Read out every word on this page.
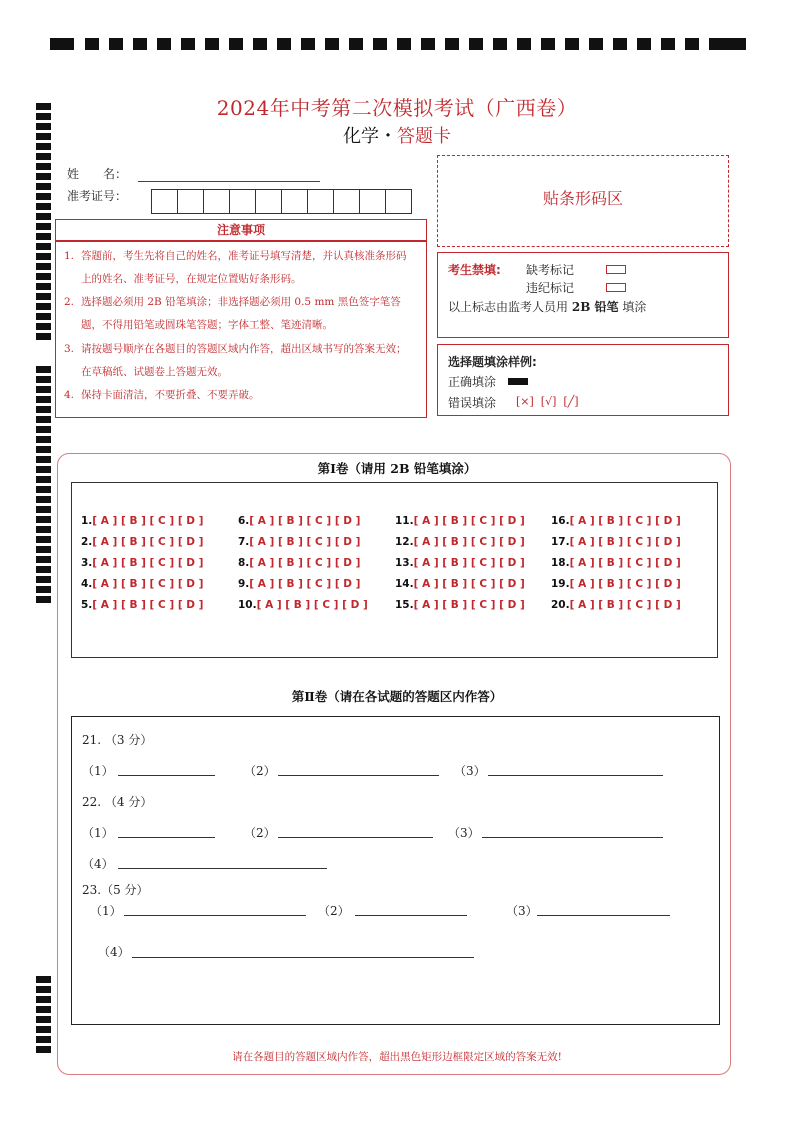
2024年中考第二次模拟考试（广西卷）
化学・答题卡
姓　　名：
准考证号：
注意事项
1. 答题前，考生先将自己的姓名，准考证号填写清楚，并认真核准条形码上的姓名、准考证号，在规定位置贴好条形码。
2. 选择题必须用 2B 铅笔填涂；非选择题必须用 0.5 mm 黑色签字笔答题，不得用铅笔或圆珠笔答题；字体工整、笔迹清晰。
3. 请按题号顺序在各题目的答题区域内作答，超出区域书写的答案无效；在草稿纸、试题卷上答题无效。
4. 保持卡面清洁，不要折叠、不要弄破。
贴条形码区
考生禁填: 缺考标记
违纪标记
以上标志由监考人员用 2B 铅笔 填涂
选择题填涂样例:
正确填涂
错误填涂 [×]  [√]  [╱]
第Ⅰ卷（请用 2B 铅笔填涂）
1.[ A ] [ B ] [ C ] [ D ]
2.[ A ] [ B ] [ C ] [ D ]
3.[ A ] [ B ] [ C ] [ D ]
4.[ A ] [ B ] [ C ] [ D ]
5.[ A ] [ B ] [ C ] [ D ]
6.[ A ] [ B ] [ C ] [ D ]
7.[ A ] [ B ] [ C ] [ D ]
8.[ A ] [ B ] [ C ] [ D ]
9.[ A ] [ B ] [ C ] [ D ]
10.[ A ] [ B ] [ C ] [ D ]
11.[ A ] [ B ] [ C ] [ D ]
12.[ A ] [ B ] [ C ] [ D ]
13.[ A ] [ B ] [ C ] [ D ]
14.[ A ] [ B ] [ C ] [ D ]
15.[ A ] [ B ] [ C ] [ D ]
16.[ A ] [ B ] [ C ] [ D ]
17.[ A ] [ B ] [ C ] [ D ]
18.[ A ] [ B ] [ C ] [ D ]
19.[ A ] [ B ] [ C ] [ D ]
20.[ A ] [ B ] [ C ] [ D ]
第Ⅱ卷（请在各试题的答题区内作答）
21. （3 分）
（1）	（2）	（3）
22. （4 分）
（1）	（2）	（3）
（4）
23.（5 分）
（1）	（2）	（3）
（4）
请在各题目的答题区域内作答，超出黑色矩形边框限定区域的答案无效!
